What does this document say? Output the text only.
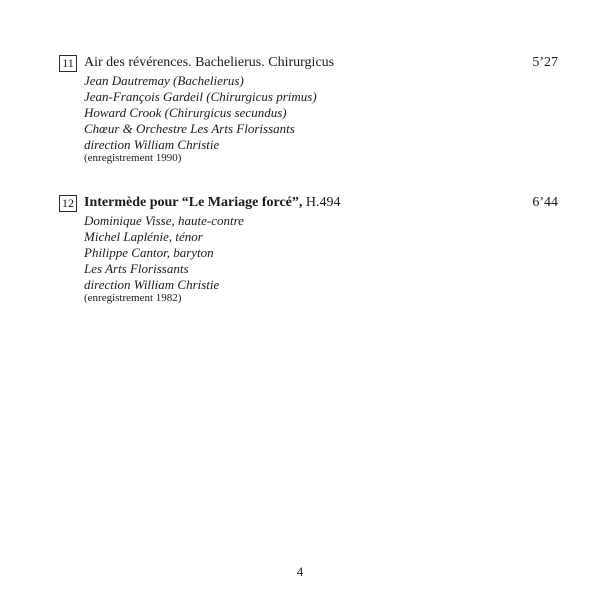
11 Air des révérences. Bachelierus. Chirurgicus	5’27
Jean Dautremay (Bachelierus)
Jean-François Gardeil (Chirurgicus primus)
Howard Crook (Chirurgicus secundus)
Chœur & Orchestre Les Arts Florissants
direction William Christie
(enregistrement 1990)
12 Intermède pour “Le Mariage forcé”, H.494	6’44
Dominique Visse, haute-contre
Michel Laplénie, ténor
Philippe Cantor, baryton
Les Arts Florissants
direction William Christie
(enregistrement 1982)
4
